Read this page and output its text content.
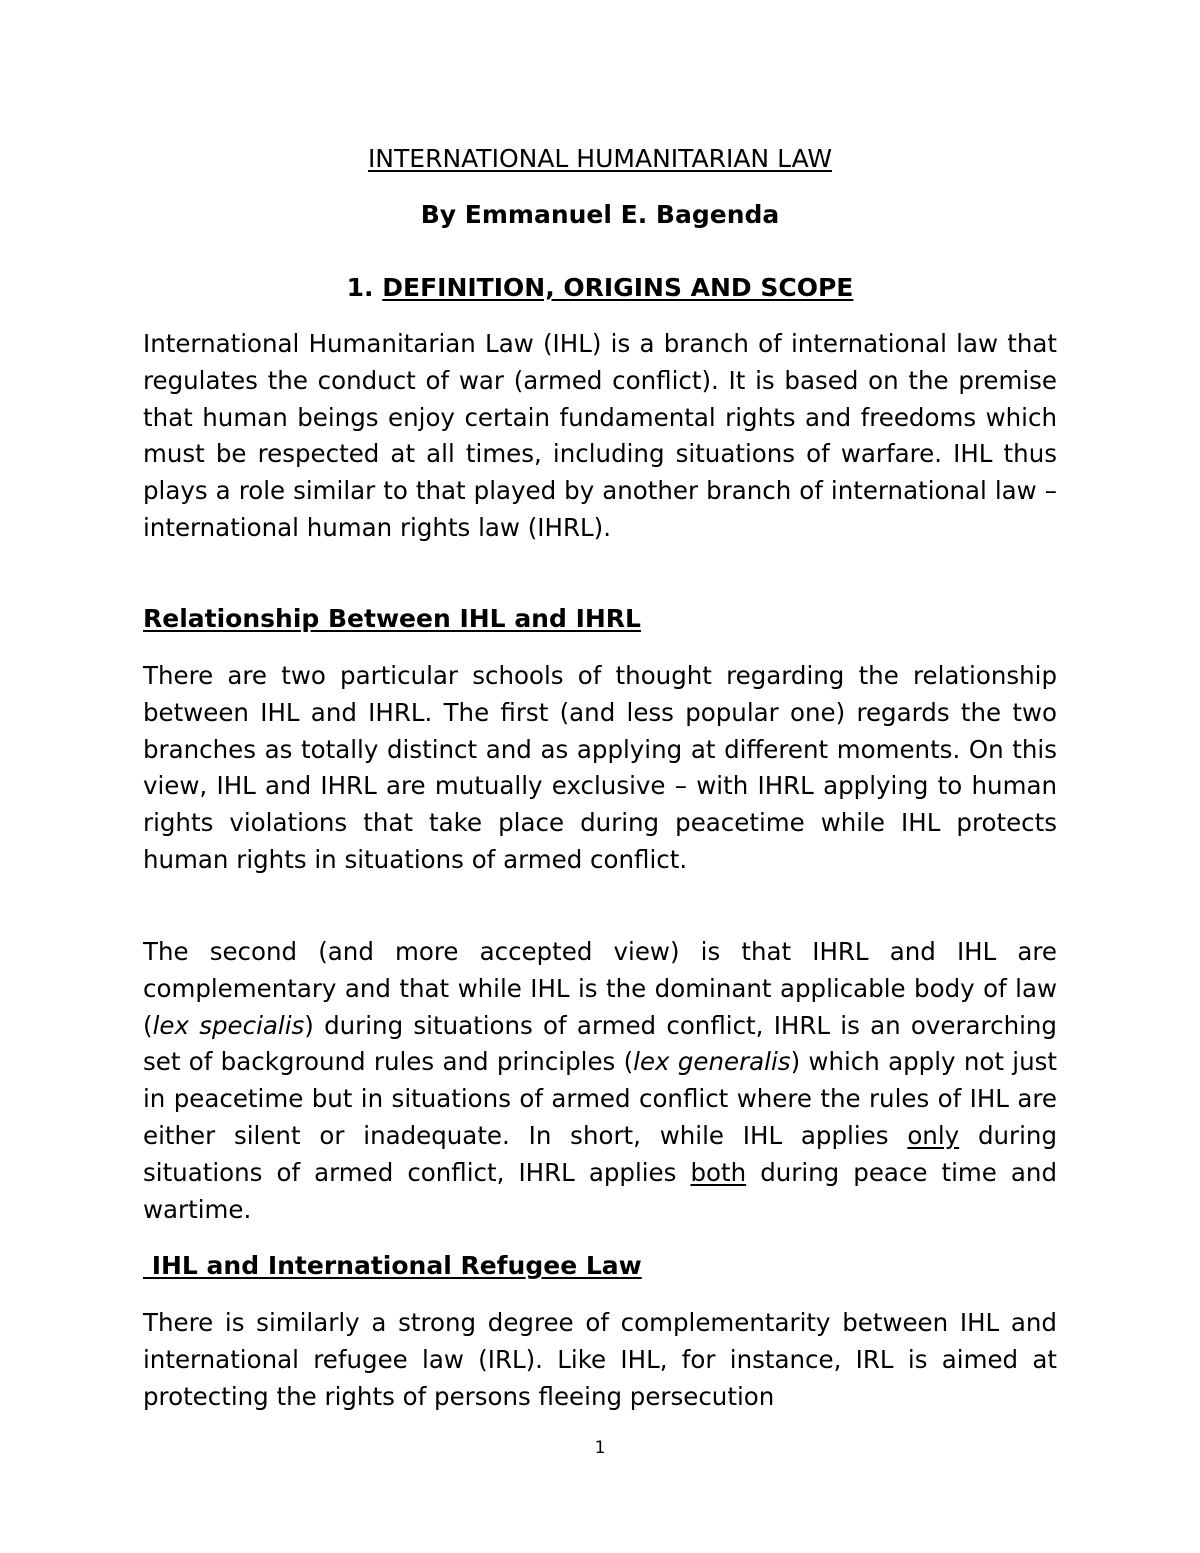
INTERNATIONAL HUMANITARIAN LAW
By Emmanuel E. Bagenda
1. DEFINITION, ORIGINS AND SCOPE

International Humanitarian Law (IHL) is a branch of international law that regulates the conduct of war (armed conflict). It is based on the premise that human beings enjoy certain fundamental rights and freedoms which must be respected at all times, including situations of warfare. IHL thus plays a role similar to that played by another branch of international law – international human rights law (IHRL).

Relationship Between IHL and IHRL

There are two particular schools of thought regarding the relationship between IHL and IHRL. The first (and less popular one) regards the two branches as totally distinct and as applying at different moments. On this view, IHL and IHRL are mutually exclusive – with IHRL applying to human rights violations that take place during peacetime while IHL protects human rights in situations of armed conflict.

The second (and more accepted view) is that IHRL and IHL are complementary and that while IHL is the dominant applicable body of law (lex specialis) during situations of armed conflict, IHRL is an overarching set of background rules and principles (lex generalis) which apply not just in peacetime but in situations of armed conflict where the rules of IHL are either silent or inadequate. In short, while IHL applies only during situations of armed conflict, IHRL applies both during peace time and wartime.

IHL and International Refugee Law

There is similarly a strong degree of complementarity between IHL and international refugee law (IRL). Like IHL, for instance, IRL is aimed at protecting the rights of persons fleeing persecution

1
